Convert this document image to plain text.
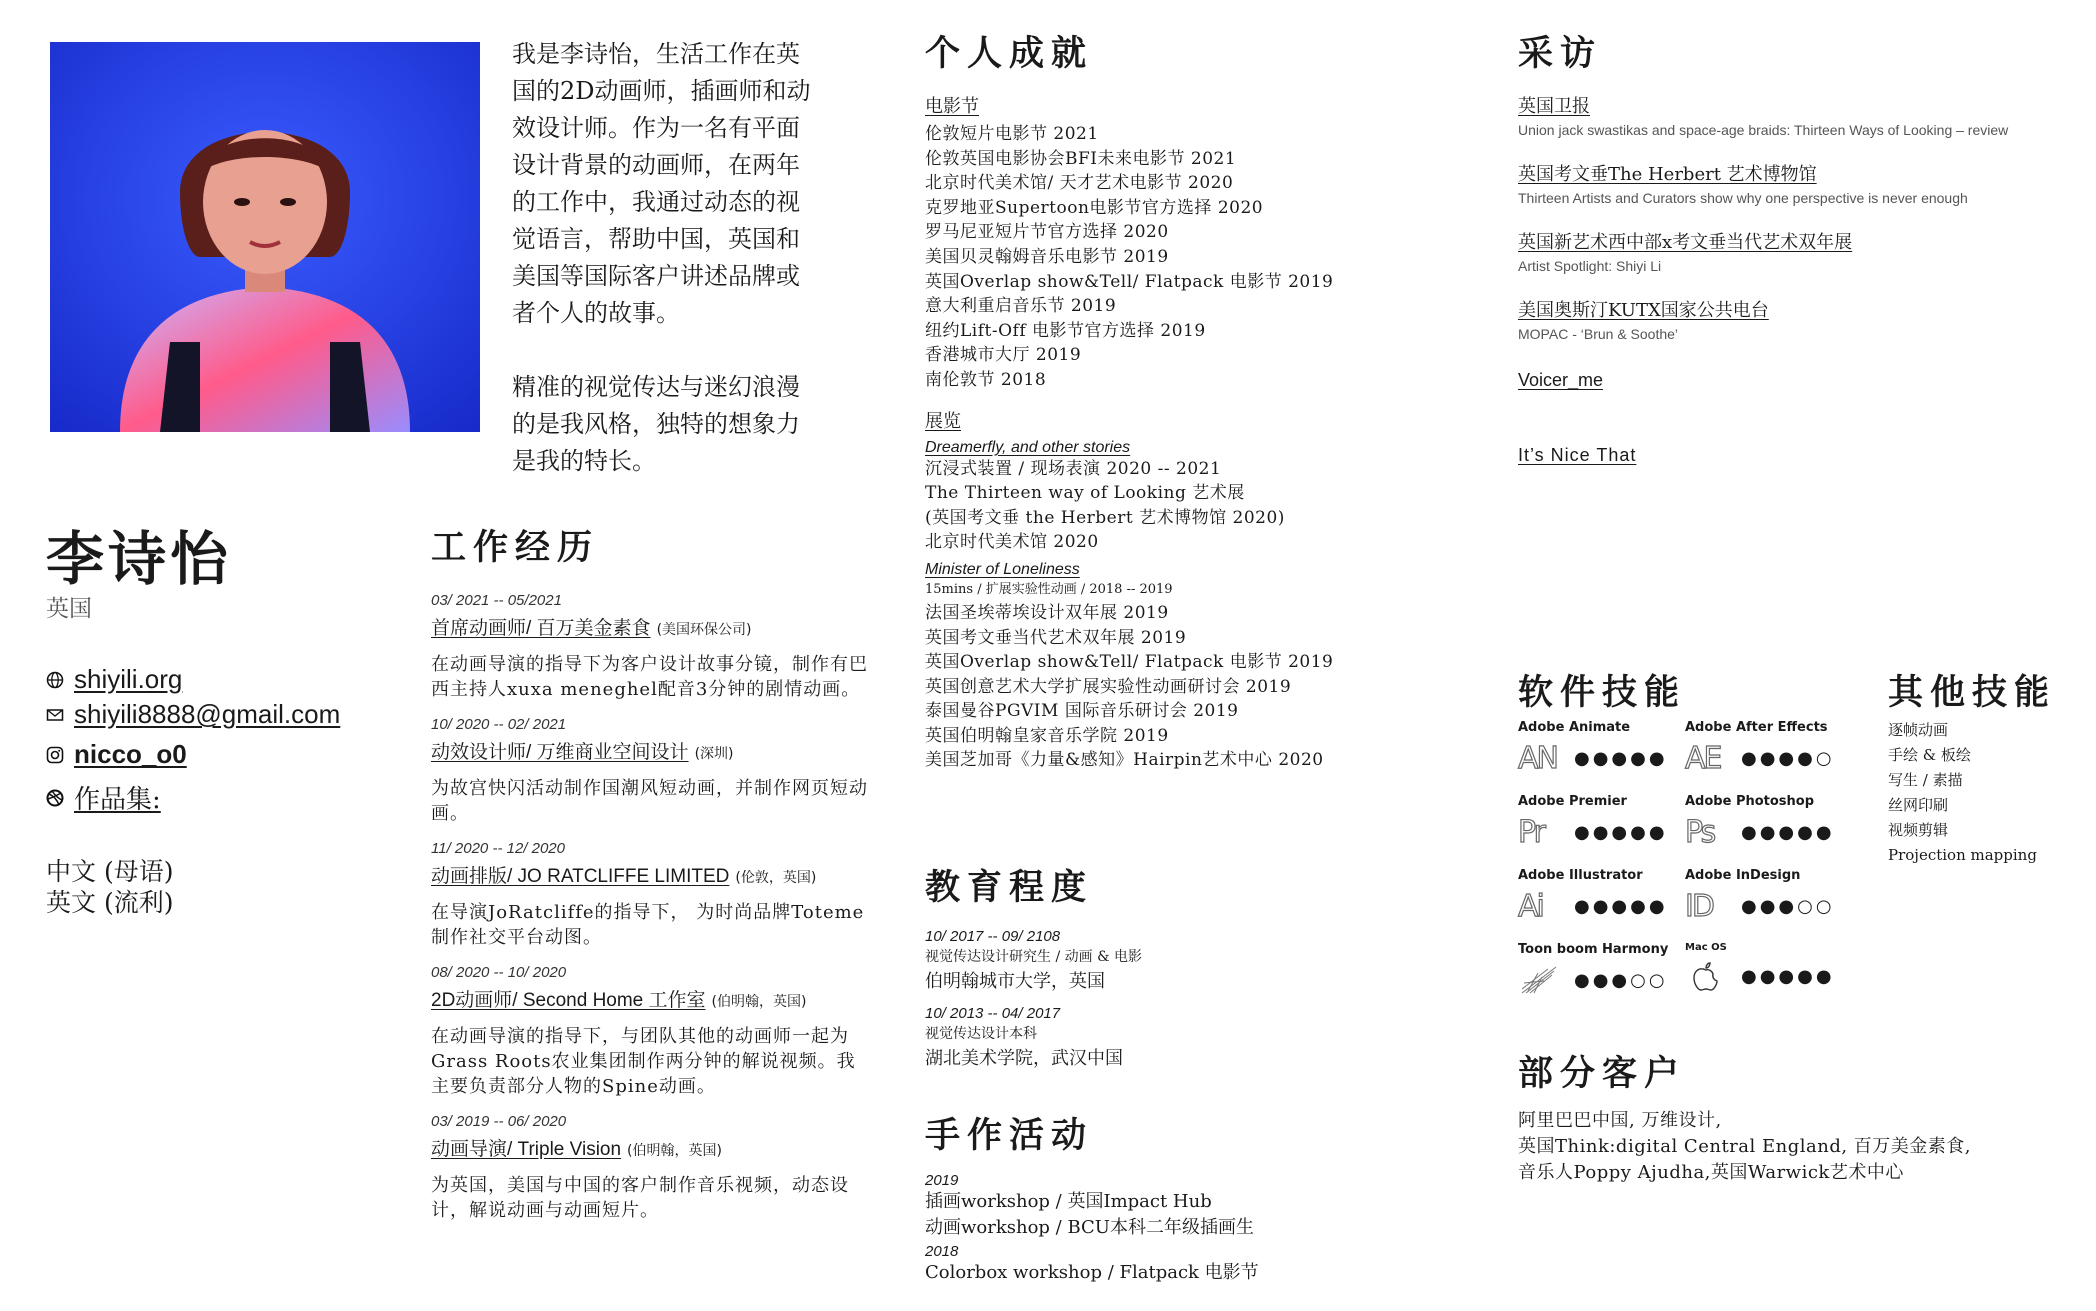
我是李诗怡，生活工作在英国的2D动画师，插画师和动效设计师。作为一名有平面设计背景的动画师，在两年的工作中，我通过动态的视觉语言，帮助中国，英国和美国等国际客户讲述品牌或者个人的故事。

精准的视觉传达与迷幻浪漫的是我风格，独特的想象力是我的特长。

李诗怡
英国
shiyili.org
shiyili8888@gmail.com
nicco_o0
作品集:
中文 (母语)
英文 (流利)
工作经历
03/ 2021 -- 05/2021
首席动画师/ 百万美金素食 (美国环保公司)
在动画导演的指导下为客户设计故事分镜，制作有巴西主持人xuxa meneghel配音3分钟的剧情动画。
10/ 2020 -- 02/ 2021
动效设计师/ 万维商业空间设计 (深圳)
为故宫快闪活动制作国潮风短动画，并制作网页短动画。
11/ 2020 -- 12/ 2020
动画排版/ JO RATCLIFFE LIMITED (伦敦，英国)
在导演JoRatcliffe的指导下， 为时尚品牌Toteme制作社交平台动图。
08/ 2020 -- 10/ 2020
2D动画师/ Second Home 工作室 (伯明翰，英国)
在动画导演的指导下，与团队其他的动画师一起为Grass Roots农业集团制作两分钟的解说视频。我主要负责部分人物的Spine动画。
03/ 2019 -- 06/ 2020
动画导演/ Triple Vision (伯明翰，英国)
为英国，美国与中国的客户制作音乐视频，动态设计，解说动画与动画短片。
个人成就
电影节
伦敦短片电影节 2021
伦敦英国电影协会BFI未来电影节 2021
北京时代美术馆/ 天才艺术电影节 2020
克罗地亚Supertoon电影节官方选择 2020
罗马尼亚短片节官方选择 2020
美国贝灵翰姆音乐电影节 2019
英国Overlap show&Tell/ Flatpack 电影节 2019
意大利重启音乐节 2019
纽约Lift-Off 电影节官方选择 2019
香港城市大厅 2019
南伦敦节 2018
展览
Dreamerfly, and other stories
沉浸式装置 / 现场表演 2020 -- 2021
The Thirteen way of Looking 艺术展
(英国考文垂 the Herbert 艺术博物馆 2020)
北京时代美术馆 2020
Minister of Loneliness
15mins / 扩展实验性动画 / 2018 -- 2019
法国圣埃蒂埃设计双年展 2019
英国考文垂当代艺术双年展 2019
英国Overlap show&Tell/ Flatpack 电影节 2019
英国创意艺术大学扩展实验性动画研讨会 2019
泰国曼谷PGVIM 国际音乐研讨会 2019
英国伯明翰皇家音乐学院 2019
美国芝加哥《力量&感知》Hairpin艺术中心 2020
教育程度
10/ 2017 -- 09/ 2108
视觉传达设计研究生 / 动画 & 电影
伯明翰城市大学，英国
10/ 2013 -- 04/ 2017
视觉传达设计本科
湖北美术学院，武汉中国
手作活动
2019
插画workshop / 英国Impact Hub
动画workshop / BCU本科二年级插画生
2018
Colorbox workshop / Flatpack 电影节
采访
英国卫报
Union jack swastikas and space-age braids: Thirteen Ways of Looking – review
英国考文垂The Herbert 艺术博物馆
Thirteen Artists and Curators show why one perspective is never enough
英国新艺术西中部x考文垂当代艺术双年展
Artist Spotlight: Shiyi Li
美国奥斯汀KUTX国家公共电台
MOPAC - ‘Brun & Soothe’
Voicer_me
It’s Nice That
软件技能
Adobe Animate
AN ●●●●●
Adobe After Effects
AE	●●●●○
Adobe Premier
Pr	●●●●●
Adobe Photoshop
Ps	●●●●●
Adobe Illustrator
Ai	●●●●●
Adobe InDesign
ID	●●●○○
Toon boom Harmony
●●●○○
Mac OS
●●●●●
其他技能
逐帧动画
手绘 & 板绘
写生 / 素描
丝网印刷
视频剪辑
Projection mapping
部分客户
阿里巴巴中国, 万维设计,
英国Think:digital Central England, 百万美金素食,
音乐人Poppy Ajudha,英国Warwick艺术中心
